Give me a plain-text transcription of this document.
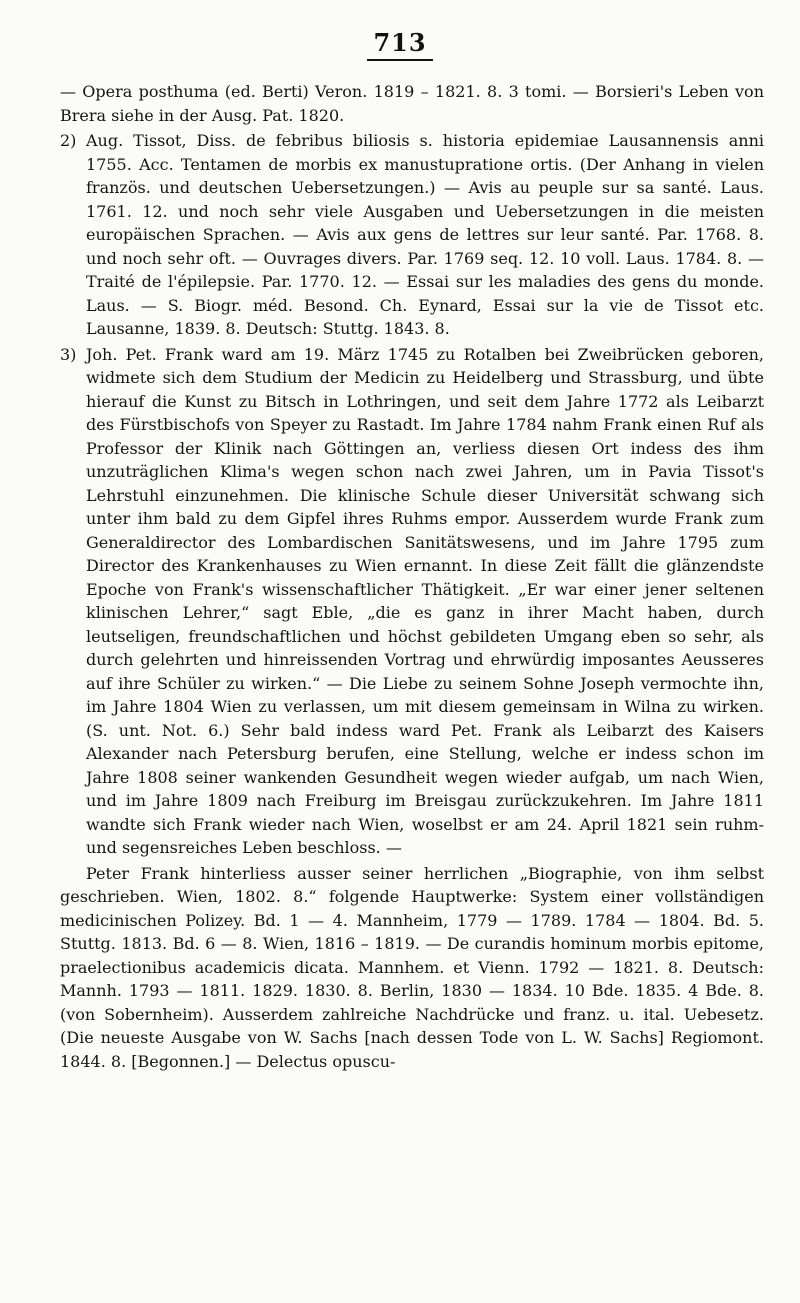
713

— Opera posthuma (ed. Berti) Veron. 1819 – 1821. 8. 3 tomi. — Borsieri's Leben von Brera siehe in der Ausg. Pat. 1820.

2) Aug. Tissot, Diss. de febribus biliosis s. historia epidemiae Lausannensis anni 1755. Acc. Tentamen de morbis ex manustupratione ortis. (Der Anhang in vielen französ. und deutschen Uebersetzungen.) — Avis au peuple sur sa santé. Laus. 1761. 12. und noch sehr viele Ausgaben und Uebersetzungen in die meisten europäischen Sprachen. — Avis aux gens de lettres sur leur santé. Par. 1768. 8. und noch sehr oft. — Ouvrages divers. Par. 1769 seq. 12. 10 voll. Laus. 1784. 8. — Traité de l'épilepsie. Par. 1770. 12. — Essai sur les maladies des gens du monde. Laus. — S. Biogr. méd. Besond. Ch. Eynard, Essai sur la vie de Tissot etc. Lausanne, 1839. 8. Deutsch: Stuttg. 1843. 8.

3) Joh. Pet. Frank ward am 19. März 1745 zu Rotalben bei Zweibrücken geboren, widmete sich dem Studium der Medicin zu Heidelberg und Strassburg, und übte hierauf die Kunst zu Bitsch in Lothringen, und seit dem Jahre 1772 als Leibarzt des Fürstbischofs von Speyer zu Rastadt. Im Jahre 1784 nahm Frank einen Ruf als Professor der Klinik nach Göttingen an, verliess diesen Ort indess des ihm unzuträglichen Klima's wegen schon nach zwei Jahren, um in Pavia Tissot's Lehrstuhl einzunehmen. Die klinische Schule dieser Universität schwang sich unter ihm bald zu dem Gipfel ihres Ruhms empor. Ausserdem wurde Frank zum Generaldirector des Lombardischen Sanitätswesens, und im Jahre 1795 zum Director des Krankenhauses zu Wien ernannt. In diese Zeit fällt die glänzendste Epoche von Frank's wissenschaftlicher Thätigkeit. „Er war einer jener seltenen klinischen Lehrer,“ sagt Eble, „die es ganz in ihrer Macht haben, durch leutseligen, freundschaftlichen und höchst gebildeten Umgang eben so sehr, als durch gelehrten und hinreissenden Vortrag und ehrwürdig imposantes Aeusseres auf ihre Schüler zu wirken.“ — Die Liebe zu seinem Sohne Joseph vermochte ihn, im Jahre 1804 Wien zu verlassen, um mit diesem gemeinsam in Wilna zu wirken. (S. unt. Not. 6.) Sehr bald indess ward Pet. Frank als Leibarzt des Kaisers Alexander nach Petersburg berufen, eine Stellung, welche er indess schon im Jahre 1808 seiner wankenden Gesundheit wegen wieder aufgab, um nach Wien, und im Jahre 1809 nach Freiburg im Breisgau zurückzukehren. Im Jahre 1811 wandte sich Frank wieder nach Wien, woselbst er am 24. April 1821 sein ruhm- und segensreiches Leben beschloss. —

Peter Frank hinterliess ausser seiner herrlichen „Biographie, von ihm selbst geschrieben. Wien, 1802. 8.“ folgende Hauptwerke: System einer vollständigen medicinischen Polizey. Bd. 1 — 4. Mannheim, 1779 — 1789. 1784 — 1804. Bd. 5. Stuttg. 1813. Bd. 6 — 8. Wien, 1816 – 1819. — De curandis hominum morbis epitome, praelectionibus academicis dicata. Mannhem. et Vienn. 1792 — 1821. 8. Deutsch: Mannh. 1793 — 1811. 1829. 1830. 8. Berlin, 1830 — 1834. 10 Bde. 1835. 4 Bde. 8. (von Sobernheim). Ausserdem zahlreiche Nachdrücke und franz. u. ital. Uebesetz. (Die neueste Ausgabe von W. Sachs [nach dessen Tode von L. W. Sachs] Regiomont. 1844. 8. [Begonnen.] — Delectus opuscu-
